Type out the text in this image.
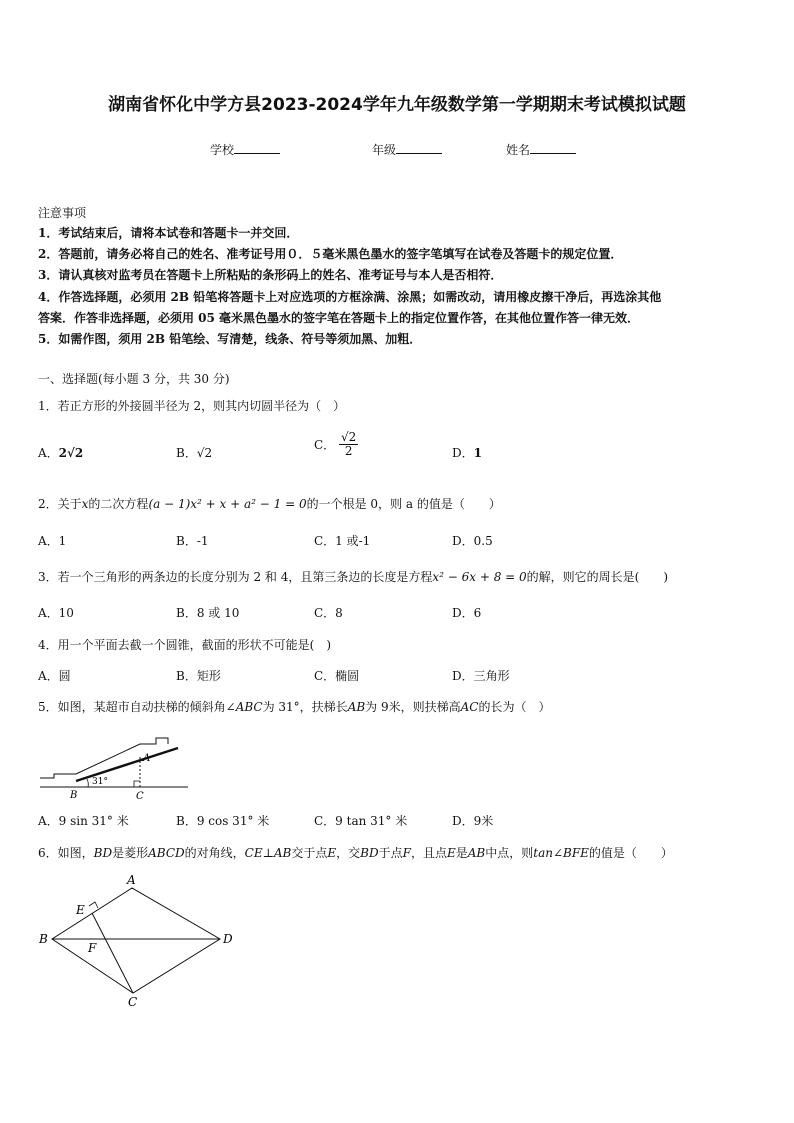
湖南省怀化中学方县2023-2024学年九年级数学第一学期期末考试模拟试题
学校	年级	姓名
注意事项
1．考试结束后，请将本试卷和答题卡一并交回．
2．答题前，请务必将自己的姓名、准考证号用０．５毫米黑色墨水的签字笔填写在试卷及答题卡的规定位置．
3．请认真核对监考员在答题卡上所粘贴的条形码上的姓名、准考证号与本人是否相符．
4．作答选择题，必须用 2B 铅笔将答题卡上对应选项的方框涂满、涂黑；如需改动，请用橡皮擦干净后，再选涂其他
答案．作答非选择题，必须用 05 毫米黑色墨水的签字笔在答题卡上的指定位置作答，在其他位置作答一律无效．
5．如需作图，须用 2B 铅笔绘、写清楚，线条、符号等须加黑、加粗．
一、选择题(每小题 3 分，共 30 分)
1．若正方形的外接圆半径为 2，则其内切圆半径为（　）
A．2√2	B．√2
C． $\frac{√2}{2}$	D．1
2．关于x的二次方程(a − 1)x² + x + a² − 1 = 0的一个根是 0，则 a 的值是（　　）
A．1	B．-1	C．1 或-1	D．0.5
3．若一个三角形的两条边的长度分别为 2 和 4，且第三条边的长度是方程x² − 6x + 8 = 0的解，则它的周长是(　　)
A．10	B．8 或 10	C．8	D．6
4．用一个平面去截一个圆锥，截面的形状不可能是(　)
A．圆	B．矩形	C．椭圆	D．三角形
5．如图，某超市自动扶梯的倾斜角∠ABC为 31°，扶梯长AB为 9米，则扶梯高AC的长为（　）
31°
A
B	C
A．9 sin 31° 米	B．9 cos 31° 米	C．9 tan 31° 米	D．9米
6．如图，BD是菱形ABCD的对角线，CE⊥AB交于点E，交BD于点F，且点E是AB中点，则tan∠BFE的值是（　　）
A
B
C
D
E
F
